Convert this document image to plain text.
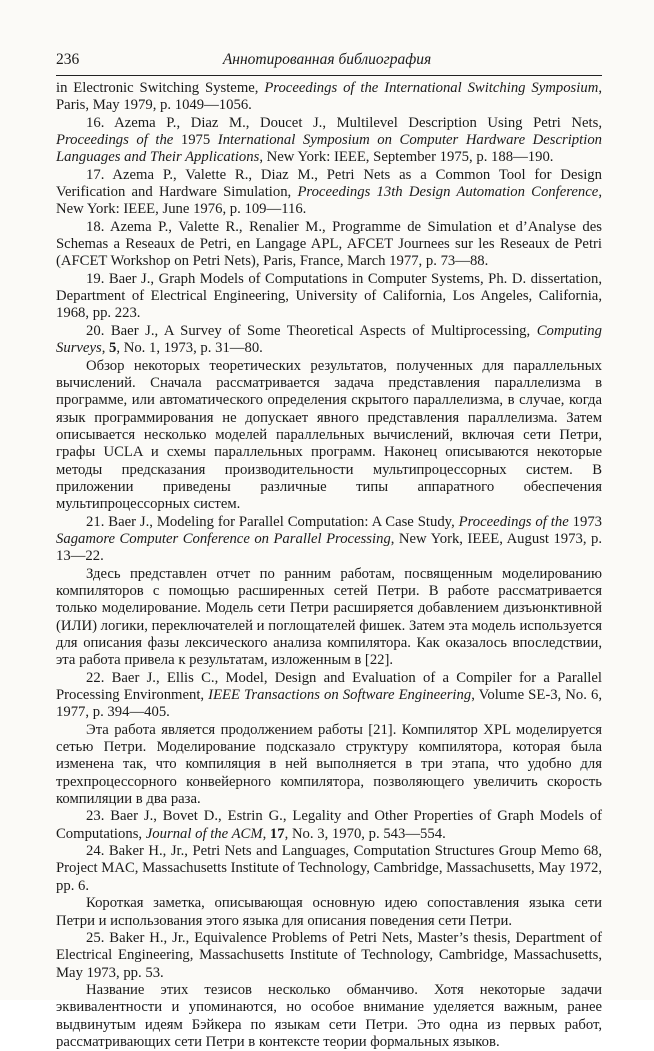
236	Аннотированная библиография

in Electronic Switching Systeme, Proceedings of the International Switching Symposium, Paris, May 1979, p. 1049—1056.

16. Azema P., Diaz M., Doucet J., Multilevel Description Using Petri Nets, Proceedings of the 1975 International Symposium on Computer Hardware Description Languages and Their Applications, New York: IEEE, September 1975, p. 188—190.

17. Azema P., Valette R., Diaz M., Petri Nets as a Common Tool for Design Verification and Hardware Simulation, Proceedings 13th Design Automation Conference, New York: IEEE, June 1976, p. 109—116.

18. Azema P., Valette R., Renalier M., Programme de Simulation et d’Analyse des Schemas a Reseaux de Petri, en Langage APL, AFCET Journees sur les Reseaux de Petri (AFCET Workshop on Petri Nets), Paris, France, March 1977, p. 73—88.

19. Baer J., Graph Models of Computations in Computer Systems, Ph. D. dissertation, Department of Electrical Engineering, University of California, Los Angeles, California, 1968, pp. 223.

20. Baer J., A Survey of Some Theoretical Aspects of Multiprocessing, Computing Surveys, 5, No. 1, 1973, p. 31—80.

Обзор некоторых теоретических результатов, полученных для параллельных вычислений. Сначала рассматривается задача представления параллелизма в программе, или автоматического определения скрытого параллелизма, в случае, когда язык программирования не допускает явного представления параллелизма. Затем описывается несколько моделей параллельных вычислений, включая сети Петри, графы UCLA и схемы параллельных программ. Наконец описываются некоторые методы предсказания производительности мультипроцессорных систем. В приложении приведены различные типы аппаратного обеспечения мультипроцессорных систем.

21. Baer J., Modeling for Parallel Computation: A Case Study, Proceedings of the 1973 Sagamore Computer Conference on Parallel Processing, New York, IEEE, August 1973, p. 13—22.

Здесь представлен отчет по ранним работам, посвященным моделированию компиляторов с помощью расширенных сетей Петри. В работе рассматривается только моделирование. Модель сети Петри расширяется добавлением дизъюнктивной (ИЛИ) логики, переключателей и поглощателей фишек. Затем эта модель используется для описания фазы лексического анализа компилятора. Как оказалось впоследствии, эта работа привела к результатам, изложенным в [22].

22. Baer J., Ellis C., Model, Design and Evaluation of a Compiler for a Parallel Processing Environment, IEEE Transactions on Software Engineering, Volume SE-3, No. 6, 1977, p. 394—405.

Эта работа является продолжением работы [21]. Компилятор XPL моделируется сетью Петри. Моделирование подсказало структуру компилятора, которая была изменена так, что компиляция в ней выполняется в три этапа, что удобно для трехпроцессорного конвейерного компилятора, позволяющего увеличить скорость компиляции в два раза.

23. Baer J., Bovet D., Estrin G., Legality and Other Properties of Graph Models of Computations, Journal of the ACM, 17, No. 3, 1970, p. 543—554.

24. Baker H., Jr., Petri Nets and Languages, Computation Structures Group Memo 68, Project MAC, Massachusetts Institute of Technology, Cambridge, Massachusetts, May 1972, pp. 6.

Короткая заметка, описывающая основную идею сопоставления языка сети Петри и использования этого языка для описания поведения сети Петри.

25. Baker H., Jr., Equivalence Problems of Petri Nets, Master’s thesis, Department of Electrical Engineering, Massachusetts Institute of Technology, Cambridge, Massachusetts, May 1973, pp. 53.

Название этих тезисов несколько обманчиво. Хотя некоторые задачи эквивалентности и упоминаются, но особое внимание уделяется важным, ранее выдвинутым идеям Бэйкера по языкам сети Петри. Это одна из первых работ, рассматривающих сети Петри в контексте теории формальных языков.
